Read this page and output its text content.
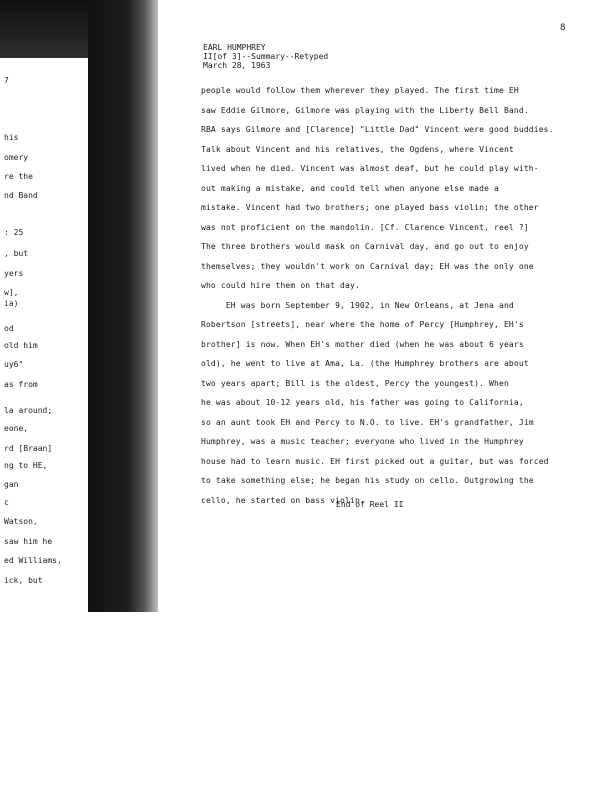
7
his
omery
re the
nd Band
: 25
, but
yers
w],
ia)
od
old him
uy6"
as from
la around;
eone,
rd [Braan]
ng to HE,
gan
c
Watson,
saw him he
ed Williams,
ick, but
8
EARL HUMPHREY
II[of 3]--Summary--Retyped
March 28, 1963
people would follow them wherever they played. The first time EH
saw Eddie Gilmore, Gilmore was playing with the Liberty Bell Band.
RBA says Gilmore and [Clarence] "Little Dad" Vincent were good buddies.
Talk about Vincent and his relatives, the Ogdens, where Vincent
lived when he died. Vincent was almost deaf, but he could play with-
out making a mistake, and could tell when anyone else made a
mistake. Vincent had two brothers; one played bass violin; the other
was not proficient on the mandolin. [Cf. Clarence Vincent, reel ?]
The three brothers would mask on Carnival day, and go out to enjoy
themselves; they wouldn't work on Carnival day; EH was the only one
who could hire them on that day.
EH was born September 9, 1902, in New Orleans, at Jena and
Robertson [streets], near where the home of Percy [Humphrey, EH's
brother] is now. When EH's mother died (when he was about 6 years
old), he went to live at Ama, La. (the Humphrey brothers are about
two years apart; Bill is the oldest, Percy the youngest). When
he was about 10-12 years old, his father was going to California,
so an aunt took EH and Percy to N.O. to live. EH's grandfather, Jim
Humphrey, was a music teacher; everyone who lived in the Humphrey
house had to learn music. EH first picked out a guitar, but was forced
to take something else; he began his study on cello. Outgrowing the
cello, he started on bass violin.
End of Reel II
